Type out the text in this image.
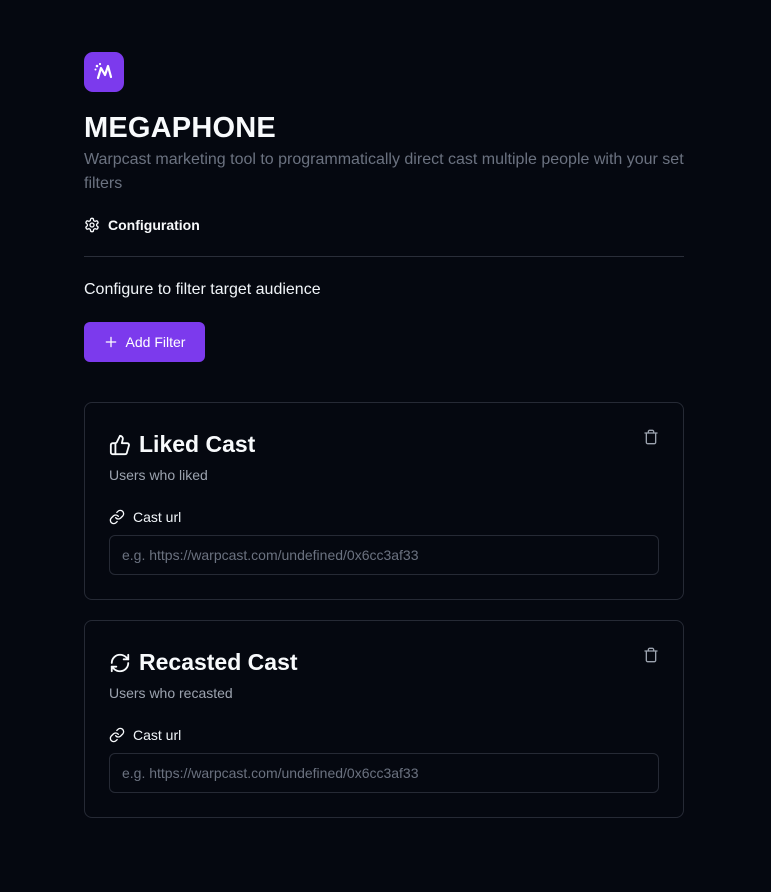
MEGAPHONE
Warpcast marketing tool to programmatically direct cast multiple people with your set filters
Configuration
Configure to filter target audience
Add Filter
Liked Cast
Users who liked
Cast url
e.g. https://warpcast.com/undefined/0x6cc3af33
Recasted Cast
Users who recasted
Cast url
e.g. https://warpcast.com/undefined/0x6cc3af33
